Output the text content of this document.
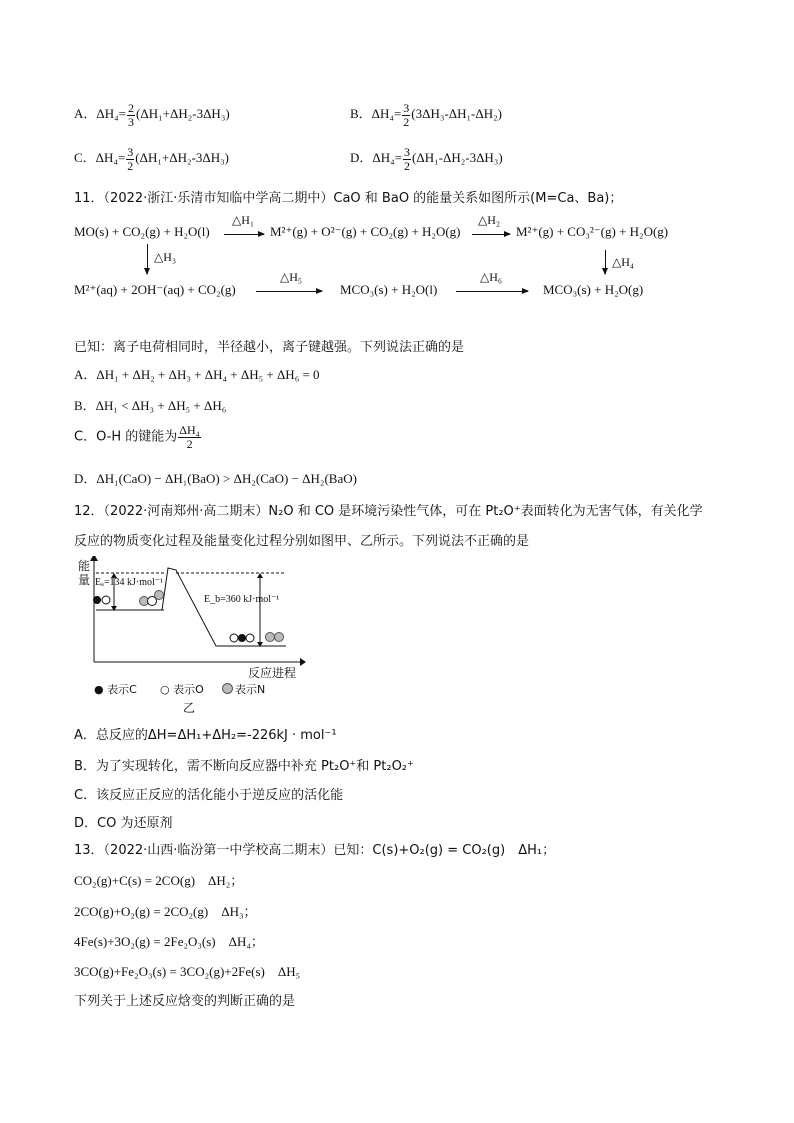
A．$\Delta H_4= \frac{2}{3} (\Delta H_1+\Delta H_2-3\Delta H_3)$	B．$\Delta H_4= \frac{3}{2} (3\Delta H_3-\Delta H_1-\Delta H_2)$
C．$\Delta H_4= \frac{3}{2} (\Delta H_1+\Delta H_2-3\Delta H_3)$	D．$\Delta H_4= \frac{3}{2} (\Delta H_1-\Delta H_2-3\Delta H_3)$
11．（2022·浙江·乐清市知临中学高二期中）CaO 和 BaO 的能量关系如图所示(M=Ca、Ba)；
MO(s) + CO₂(g) + H₂O(l)
△H₁
M²⁺(g) + O²⁻(g) + CO₂(g) + H₂O(g)
△H₂
M²⁺(g) + CO₃²⁻(g) + H₂O(g)
△H₃	△H₄
M²⁺(aq) + 2OH⁻(aq) + CO₂(g)
△H₅
MCO₃(s) + H₂O(l)
△H₆
MCO₃(s) + H₂O(g)
已知：离子电荷相同时，半径越小，离子键越强。下列说法正确的是
A．ΔH₁ + ΔH₂ + ΔH₃ + ΔH₄ + ΔH₅ + ΔH₆ = 0
B．ΔH₁ < ΔH₃ + ΔH₅ + ΔH₆
C．O-H 的键能为 $\frac{\text{ΔH₄}}{2}$
D．ΔH₁(CaO) − ΔH₁(BaO) > ΔH₂(CaO) − ΔH₂(BaO)
12．（2022·河南郑州·高二期末）N₂O 和 CO 是环境污染性气体，可在 Pt₂O⁺表面转化为无害气体，有关化学
反应的物质变化过程及能量变化过程分别如图甲、乙所示。下列说法不正确的是
能
量 Eₐ=134 kJ·mol⁻¹
E_b=360 kJ·mol⁻¹
反应进程
● 表示C ○ 表示O	表示N
乙
A．总反应的ΔH=ΔH₁+ΔH₂=-226kJ · mol⁻¹
B．为了实现转化，需不断向反应器中补充 Pt₂O⁺和 Pt₂O₂⁺
C．该反应正反应的活化能小于逆反应的活化能
D．CO 为还原剂
13．（2022·山西·临汾第一中学校高二期末）已知：C(s)+O₂(g) = CO₂(g)　ΔH₁；
CO₂(g)+C(s) = 2CO(g)　ΔH₂；
2CO(g)+O₂(g) = 2CO₂(g)　ΔH₃；
4Fe(s)+3O₂(g) = 2Fe₂O₃(s)　ΔH₄；
3CO(g)+Fe₂O₃(s) = 3CO₂(g)+2Fe(s)　ΔH₅
下列关于上述反应焓变的判断正确的是
